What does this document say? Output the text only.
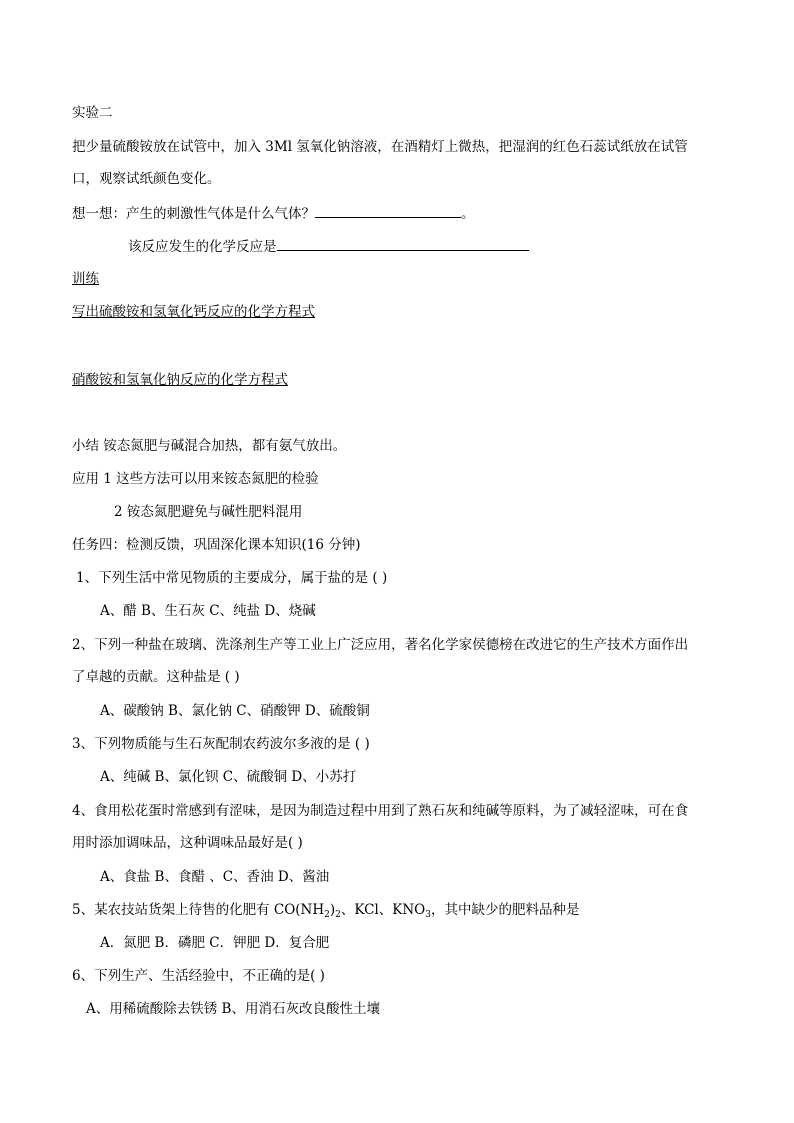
实验二
把少量硫酸铵放在试管中，加入 3Ml 氢氧化钠溶液，在酒精灯上微热，把湿润的红色石蕊试纸放在试管
口，观察试纸颜色变化。
想一想：产生的刺激性气体是什么气体？	。
该反应发生的化学反应是
训练
写出硫酸铵和氢氧化钙反应的化学方程式
硝酸铵和氢氧化钠反应的化学方程式
小结 铵态氮肥与碱混合加热，都有氨气放出。
应用 1 这些方法可以用来铵态氮肥的检验
2 铵态氮肥避免与碱性肥料混用
任务四：检测反馈，巩固深化课本知识(16 分钟)
1、下列生活中常见物质的主要成分，属于盐的是 ( )
A、醋 B、生石灰 C、纯盐 D、烧碱
2、下列一种盐在玻璃、洗涤剂生产等工业上广泛应用，著名化学家侯德榜在改进它的生产技术方面作出
了卓越的贡献。这种盐是 ( )
A、碳酸钠 B、氯化钠 C、硝酸钾 D、硫酸铜
3、下列物质能与生石灰配制农药波尔多液的是 ( )
A、纯碱 B、氯化钡 C、硫酸铜 D、小苏打
4、食用松花蛋时常感到有涩味，是因为制造过程中用到了熟石灰和纯碱等原料，为了减轻涩味，可在食
用时添加调味品，这种调味品最好是( )
A、食盐 B、食醋 、C、香油 D、酱油
5、某农技站货架上待售的化肥有 $CO(NH_2)_2$、KCl、$KNO_3$，其中缺少的肥料品种是
A．氮肥 B．磷肥 C．钾肥 D．复合肥
6、下列生产、生活经验中，不正确的是( )
A、用稀硫酸除去铁锈 B、用消石灰改良酸性土壤
